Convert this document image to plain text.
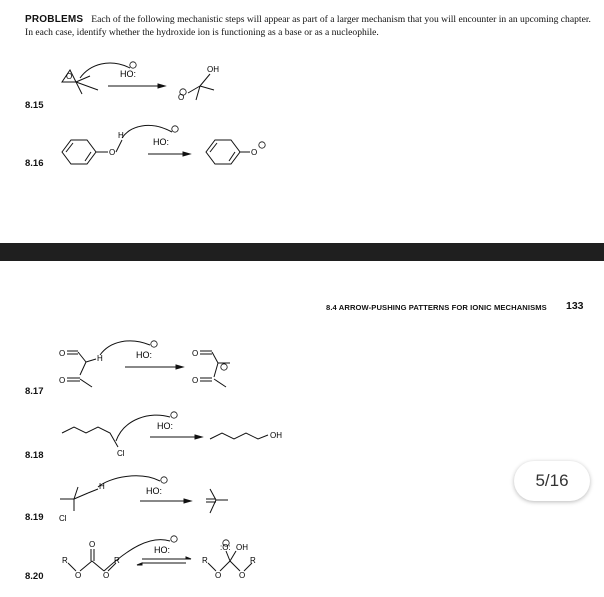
PROBLEMS Each of the following mechanistic steps will appear as part of a larger mechanism that you will encounter in an upcoming chapter. In each case, identify whether the hydroxide ion is functioning as a base or as a nucleophile.
8.15
8.16
O	HO:
O
OH
O
H
HO:
O
8.4 ARROW-PUSHING PATTERNS FOR IONIC MECHANISMS 133
8.17
8.18
8.19
8.20
O
O
H	HO:	O
O
Cl
HO:
OH
H
Cl
HO:
R
O	O
R
O
HO:
R
O O
R
:O: OH
5/16
